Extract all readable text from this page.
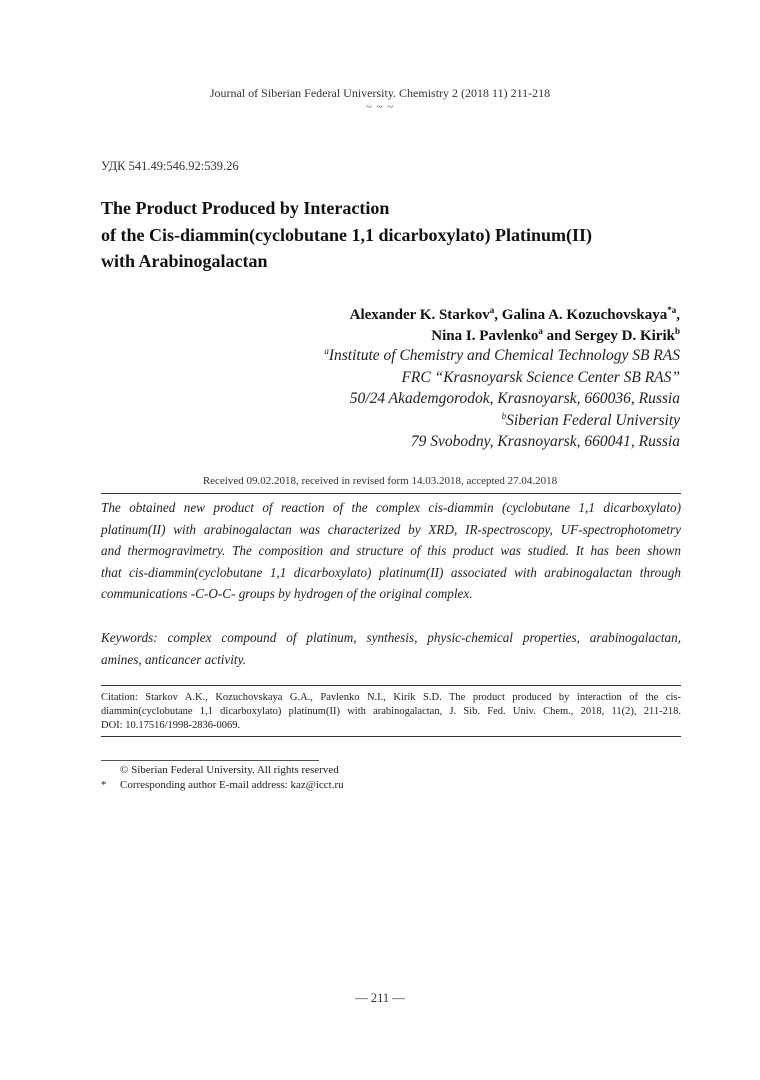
Journal of Siberian Federal University. Chemistry 2 (2018 11) 211-218
~ ~ ~
УДК 541.49:546.92:539.26
The Product Produced by Interaction
of the Cis-diammin(cyclobutane 1,1 dicarboxylato) Platinum(II)
with Arabinogalactan
Alexander K. Starkov$^a$, Galina A. Kozuchovskaya$^{*a}$,
Nina I. Pavlenko$^a$ and Sergey D. Kirik$^b$
$^a$Institute of Chemistry and Chemical Technology SB RAS
FRC “Krasnoyarsk Science Center SB RAS”
50/24 Akademgorodok, Krasnoyarsk, 660036, Russia
$^b$Siberian Federal University
79 Svobodny, Krasnoyarsk, 660041, Russia
Received 09.02.2018, received in revised form 14.03.2018, accepted 27.04.2018
The obtained new product of reaction of the complex cis-diammin (cyclobutane 1,1 dicarboxylato)
platinum(II) with arabinogalactan was characterized by XRD, IR-spectroscopy, UF-spectrophotometry
and thermogravimetry. The composition and structure of this product was studied. It has been shown
that cis-diammin(cyclobutane 1,1 dicarboxylato) platinum(II) associated with arabinogalactan through
communications -C-O-C- groups by hydrogen of the original complex.
Keywords: complex compound of platinum, synthesis, physic-chemical properties, arabinogalactan,
amines, anticancer activity.
Citation: Starkov A.K., Kozuchovskaya G.A., Pavlenko N.I., Kirik S.D. The product produced by interaction of the cis-
diammin(cyclobutane 1,1 dicarboxylato) platinum(II) with arabinogalactan, J. Sib. Fed. Univ. Chem., 2018, 11(2), 211-218.
DOI: 10.17516/1998-2836-0069.
© Siberian Federal University. All rights reserved
* Corresponding author E-mail address: kaz@icct.ru
― 211 ―
